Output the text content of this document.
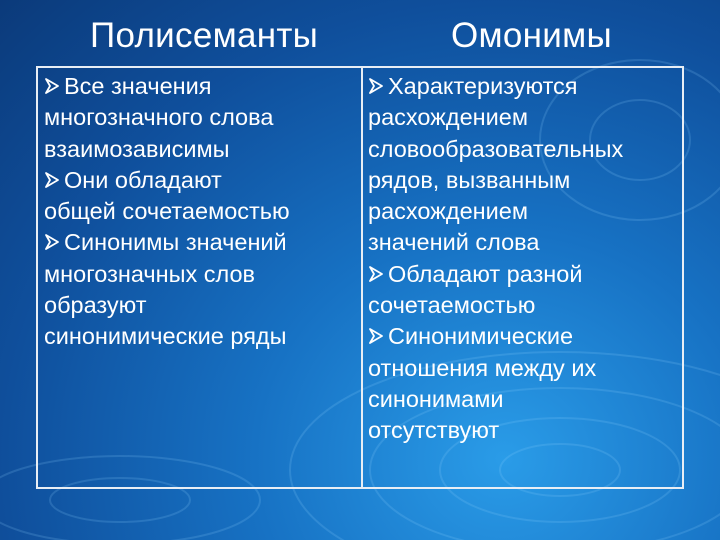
Полисеманты	Омонимы
Все значения
многозначного слова
взаимозависимы
Они обладают
общей сочетаемостью
Синонимы значений
многозначных слов
образуют
синонимические ряды
Характеризуются
расхождением
словообразовательных
рядов, вызванным
расхождением
значений слова
Обладают разной
сочетаемостью
Синонимические
отношения между их
синонимами
отсутствуют
